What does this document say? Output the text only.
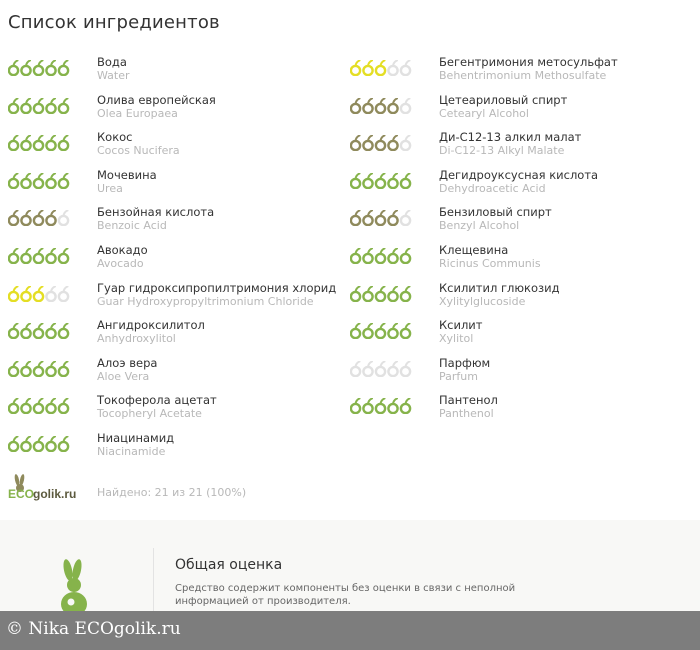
Список ингредиентов
Вода
Water
Олива европейская
Olea Europaea
Кокос
Cocos Nucifera
Мочевина
Urea
Бензойная кислота
Benzoic Acid
Авокадо
Avocado
Гуар гидроксипропилтримония хлорид
Guar Hydroxypropyltrimonium Chloride
Ангидроксилитол
Anhydroxylitol
Алоэ вера
Aloe Vera
Токоферола ацетат
Tocopheryl Acetate
Ниацинамид
Niacinamide
Бегентримония метосульфат
Behentrimonium Methosulfate
Цетеариловый спирт
Cetearyl Alcohol
Ди-С12-13 алкил малат
Di-C12-13 Alkyl Malate
Дегидроуксусная кислота
Dehydroacetic Acid
Бензиловый спирт
Benzyl Alcohol
Клещевина
Ricinus Communis
Ксилитил глюкозид
Xylitylglucoside
Ксилит
Xylitol
Парфюм
Parfum
Пантенол
Panthenol
ECO
golik.ru Найдено: 21 из 21 (100%)
Общая оценка
Средство содержит компоненты без оценки в связи с неполной информацией от производителя.
© Nika ECOgolik.ru
